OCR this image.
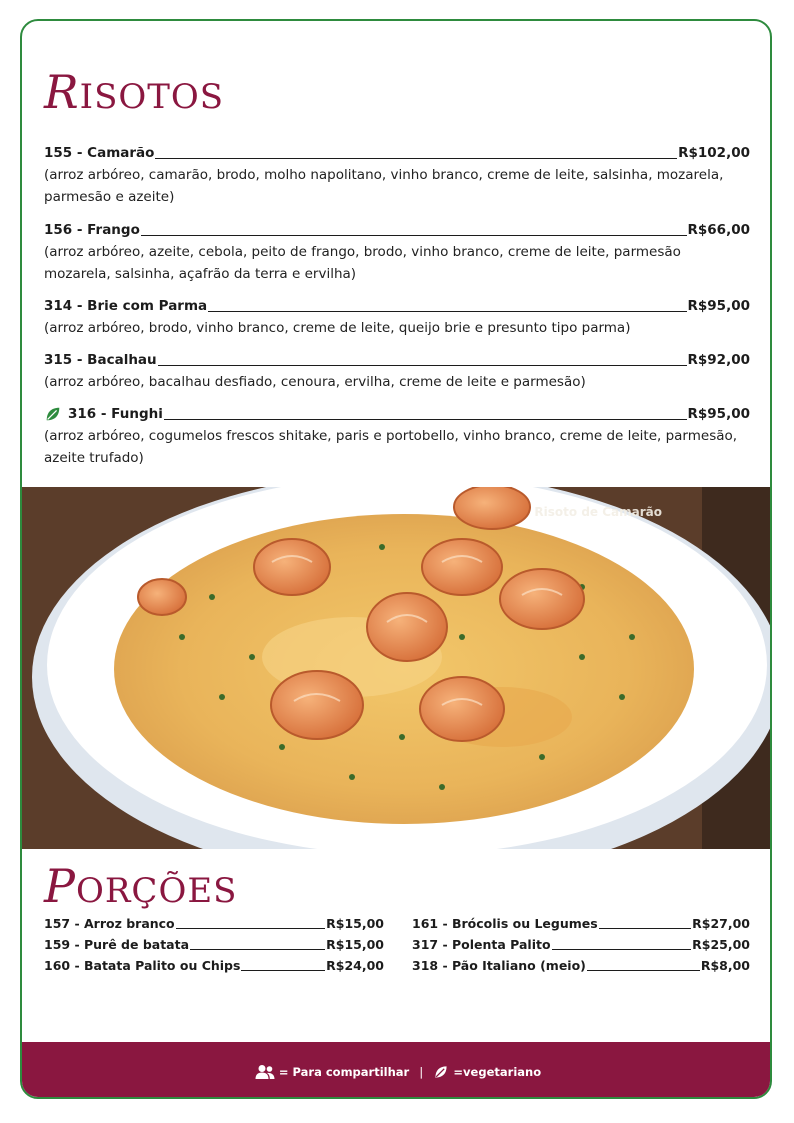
RISOTOS
155 - Camarão	R$102,00
(arroz arbóreo, camarão, brodo, molho napolitano, vinho branco, creme de leite, salsinha, mozarela, parmesão e azeite)
156 - Frango	R$66,00
(arroz arbóreo, azeite, cebola, peito de frango, brodo, vinho branco, creme de leite, parmesão mozarela, salsinha, açafrão da terra e ervilha)
314 - Brie com Parma	R$95,00
(arroz arbóreo, brodo, vinho branco, creme de leite, queijo brie e presunto tipo parma)
315 - Bacalhau	R$92,00
(arroz arbóreo, bacalhau desfiado, cenoura, ervilha, creme de leite e parmesão)
316 - Funghi	R$95,00
(arroz arbóreo, cogumelos frescos shitake, paris e portobello, vinho branco, creme de leite, parmesão, azeite trufado)
Risoto de Camarão
PORÇÕES
157 - Arroz branco	R$15,00
159 - Purê de batata	R$15,00
160 - Batata Palito ou Chips	R$24,00
161 - Brócolis ou Legumes	R$27,00
317 - Polenta Palito	R$25,00
318 - Pão Italiano (meio)	R$8,00
= Para compartilhar |	=vegetariano
